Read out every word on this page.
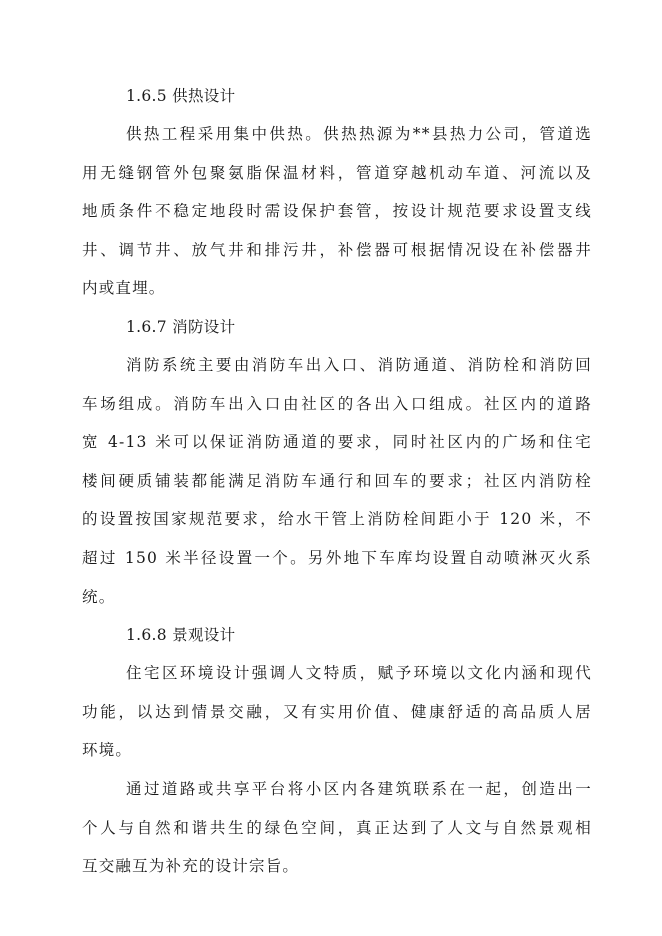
1.6.5 供热设计
供热工程采用集中供热。供热热源为**县热力公司，管道选
用无缝钢管外包聚氨脂保温材料，管道穿越机动车道、河流以及
地质条件不稳定地段时需设保护套管，按设计规范要求设置支线
井、调节井、放气井和排污井，补偿器可根据情况设在补偿器井
内或直埋。
1.6.7 消防设计
消防系统主要由消防车出入口、消防通道、消防栓和消防回
车场组成。消防车出入口由社区的各出入口组成。社区内的道路
宽 4-13 米可以保证消防通道的要求，同时社区内的广场和住宅
楼间硬质铺装都能满足消防车通行和回车的要求；社区内消防栓
的设置按国家规范要求，给水干管上消防栓间距小于 120 米，不
超过 150 米半径设置一个。另外地下车库均设置自动喷淋灭火系
统。
1.6.8 景观设计
住宅区环境设计强调人文特质，赋予环境以文化内涵和现代
功能，以达到情景交融，又有实用价值、健康舒适的高品质人居
环境。
通过道路或共享平台将小区内各建筑联系在一起，创造出一
个人与自然和谐共生的绿色空间，真正达到了人文与自然景观相
互交融互为补充的设计宗旨。
